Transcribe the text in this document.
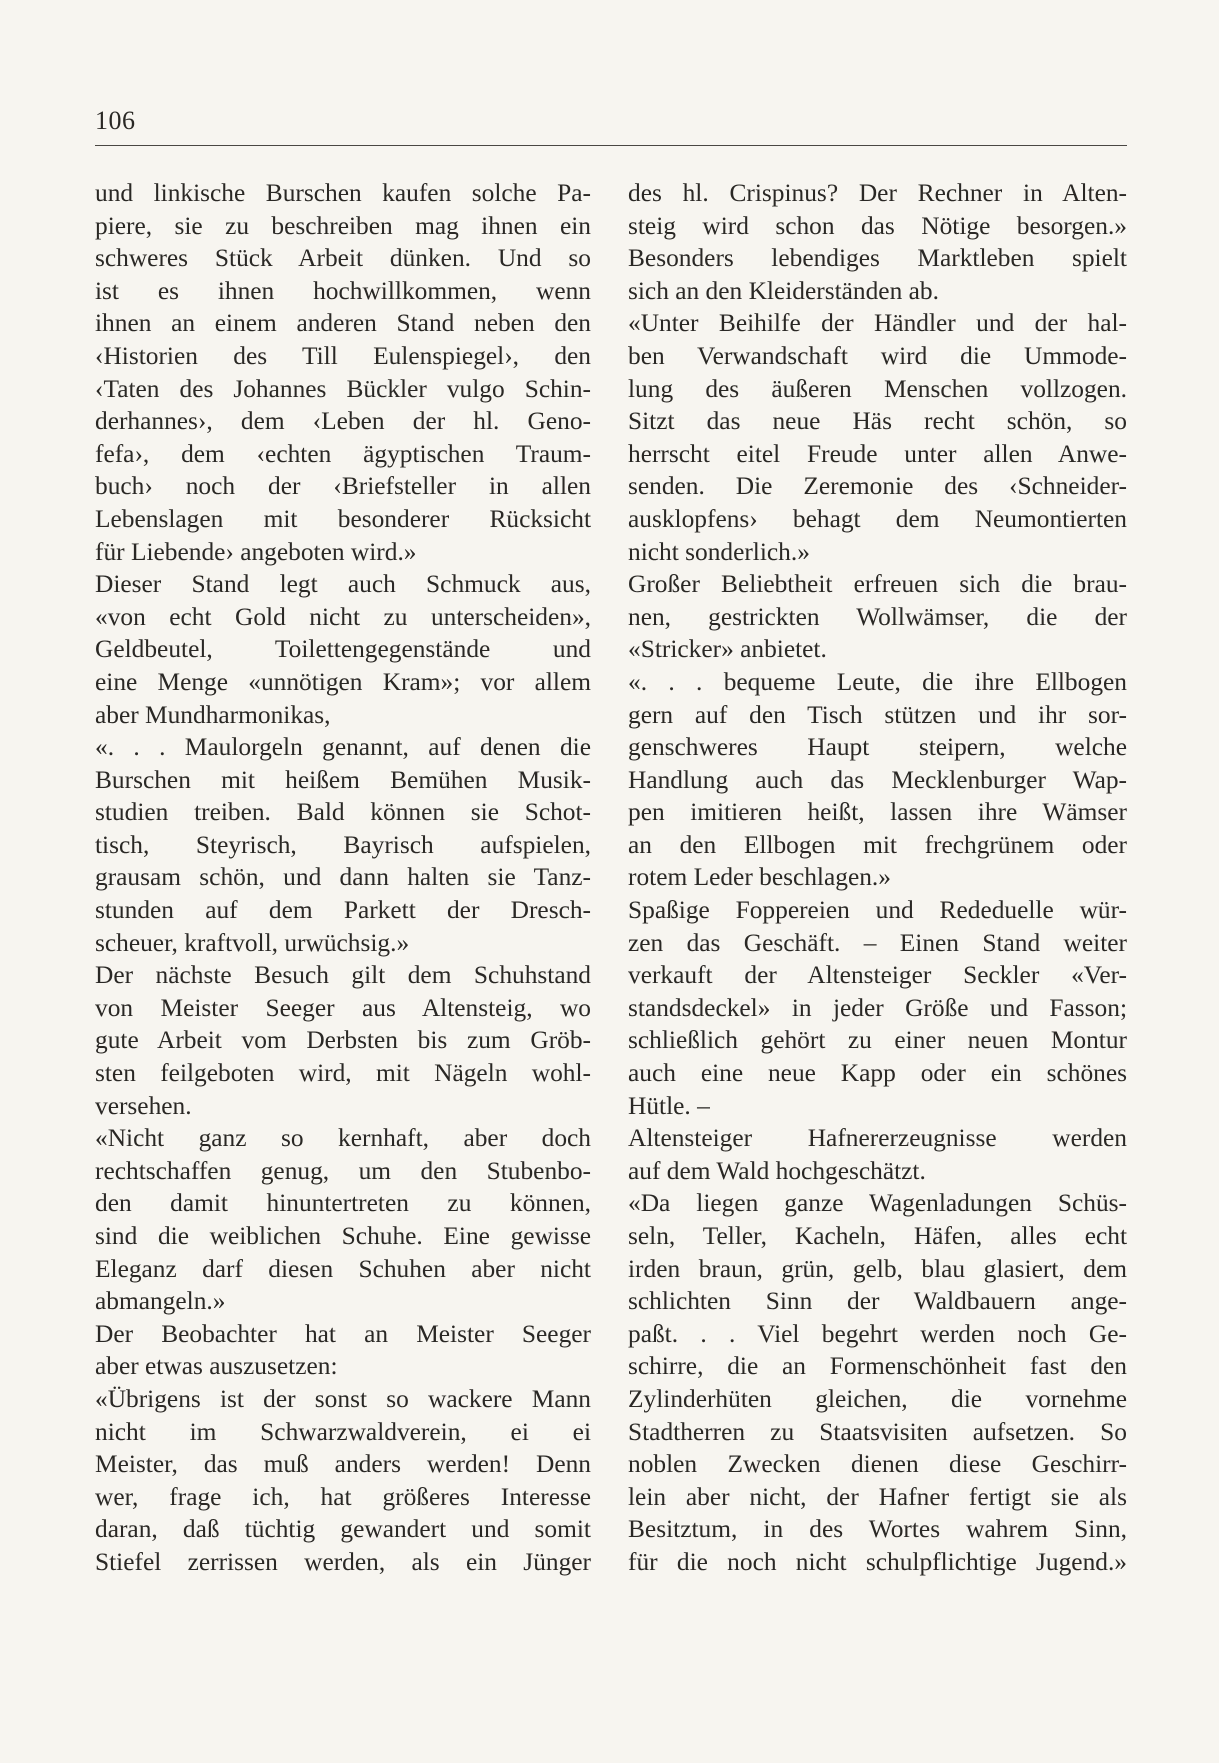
106
und linkische Burschen kaufen solche Pa-
piere, sie zu beschreiben mag ihnen ein
schweres Stück Arbeit dünken. Und so
ist es ihnen hochwillkommen, wenn
ihnen an einem anderen Stand neben den
‹Historien des Till Eulenspiegel›, den
‹Taten des Johannes Bückler vulgo Schin-
derhannes›, dem ‹Leben der hl. Geno-
fefa›, dem ‹echten ägyptischen Traum-
buch› noch der ‹Briefsteller in allen
Lebenslagen mit besonderer Rücksicht
für Liebende› angeboten wird.»
Dieser Stand legt auch Schmuck aus,
«von echt Gold nicht zu unterscheiden»,
Geldbeutel, Toilettengegenstände und
eine Menge «unnötigen Kram»; vor allem
aber Mundharmonikas,
«. . . Maulorgeln genannt, auf denen die
Burschen mit heißem Bemühen Musik-
studien treiben. Bald können sie Schot-
tisch, Steyrisch, Bayrisch aufspielen,
grausam schön, und dann halten sie Tanz-
stunden auf dem Parkett der Dresch-
scheuer, kraftvoll, urwüchsig.»
Der nächste Besuch gilt dem Schuhstand
von Meister Seeger aus Altensteig, wo
gute Arbeit vom Derbsten bis zum Gröb-
sten feilgeboten wird, mit Nägeln wohl-
versehen.
«Nicht ganz so kernhaft, aber doch
rechtschaffen genug, um den Stubenbo-
den damit hinuntertreten zu können,
sind die weiblichen Schuhe. Eine gewisse
Eleganz darf diesen Schuhen aber nicht
abmangeln.»
Der Beobachter hat an Meister Seeger
aber etwas auszusetzen:
«Übrigens ist der sonst so wackere Mann
nicht im Schwarzwaldverein, ei ei
Meister, das muß anders werden! Denn
wer, frage ich, hat größeres Interesse
daran, daß tüchtig gewandert und somit
Stiefel zerrissen werden, als ein Jünger
des hl. Crispinus? Der Rechner in Alten-
steig wird schon das Nötige besorgen.»
Besonders lebendiges Marktleben spielt
sich an den Kleiderständen ab.
«Unter Beihilfe der Händler und der hal-
ben Verwandschaft wird die Ummode-
lung des äußeren Menschen vollzogen.
Sitzt das neue Häs recht schön, so
herrscht eitel Freude unter allen Anwe-
senden. Die Zeremonie des ‹Schneider-
ausklopfens› behagt dem Neumontierten
nicht sonderlich.»
Großer Beliebtheit erfreuen sich die brau-
nen, gestrickten Wollwämser, die der
«Stricker» anbietet.
«. . . bequeme Leute, die ihre Ellbogen
gern auf den Tisch stützen und ihr sor-
genschweres Haupt steipern, welche
Handlung auch das Mecklenburger Wap-
pen imitieren heißt, lassen ihre Wämser
an den Ellbogen mit frechgrünem oder
rotem Leder beschlagen.»
Spaßige Foppereien und Rededuelle wür-
zen das Geschäft. – Einen Stand weiter
verkauft der Altensteiger Seckler «Ver-
standsdeckel» in jeder Größe und Fasson;
schließlich gehört zu einer neuen Montur
auch eine neue Kapp oder ein schönes
Hütle. –
Altensteiger Hafnererzeugnisse werden
auf dem Wald hochgeschätzt.
«Da liegen ganze Wagenladungen Schüs-
seln, Teller, Kacheln, Häfen, alles echt
irden braun, grün, gelb, blau glasiert, dem
schlichten Sinn der Waldbauern ange-
paßt. . . Viel begehrt werden noch Ge-
schirre, die an Formenschönheit fast den
Zylinderhüten gleichen, die vornehme
Stadtherren zu Staatsvisiten aufsetzen. So
noblen Zwecken dienen diese Geschirr-
lein aber nicht, der Hafner fertigt sie als
Besitztum, in des Wortes wahrem Sinn,
für die noch nicht schulpflichtige Jugend.»
